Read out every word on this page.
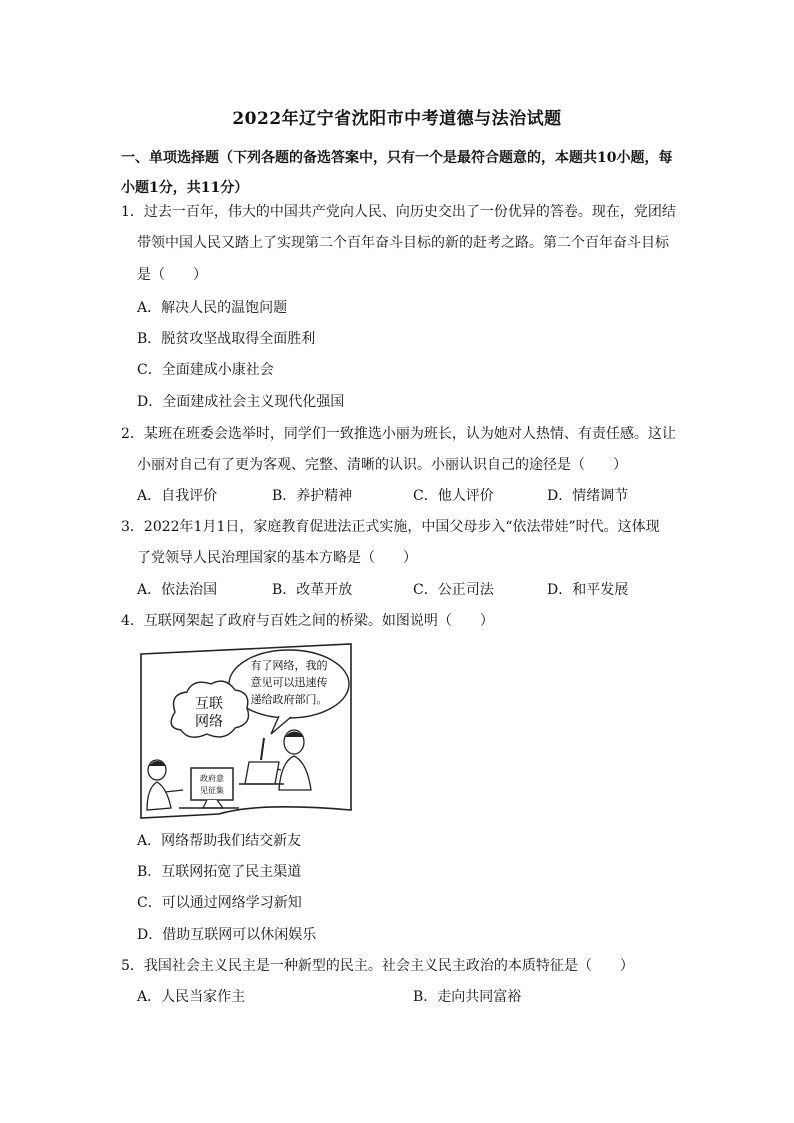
2022年辽宁省沈阳市中考道德与法治试题
一、单项选择题（下列各题的备选答案中，只有一个是最符合题意的，本题共10小题，每小题1分，共11分）
1．过去一百年，伟大的中国共产党向人民、向历史交出了一份优异的答卷。现在，党团结
带领中国人民又踏上了实现第二个百年奋斗目标的新的赶考之路。第二个百年奋斗目标
是（　　）
A．解决人民的温饱问题
B．脱贫攻坚战取得全面胜利
C．全面建成小康社会
D．全面建成社会主义现代化强国
2．某班在班委会选举时，同学们一致推选小丽为班长，认为她对人热情、有责任感。这让
小丽对自己有了更为客观、完整、清晰的认识。小丽认识自己的途径是（　　）
A．自我评价	B．养护精神	C．他人评价	D．情绪调节
3．2022年1月1日，家庭教育促进法正式实施，中国父母步入“依法带娃”时代。这体现
了党领导人民治理国家的基本方略是（　　）
A．依法治国	B．改革开放	C．公正司法	D．和平发展
4．互联网架起了政府与百姓之间的桥梁。如图说明（　　）
有了网络，我的
意见可以迅速传
递给政府部门。
互联
网络
政府意
见征集
A．网络帮助我们结交新友
B．互联网拓宽了民主渠道
C．可以通过网络学习新知
D．借助互联网可以休闲娱乐
5．我国社会主义民主是一种新型的民主。社会主义民主政治的本质特征是（　　）
A．人民当家作主	B．走向共同富裕
